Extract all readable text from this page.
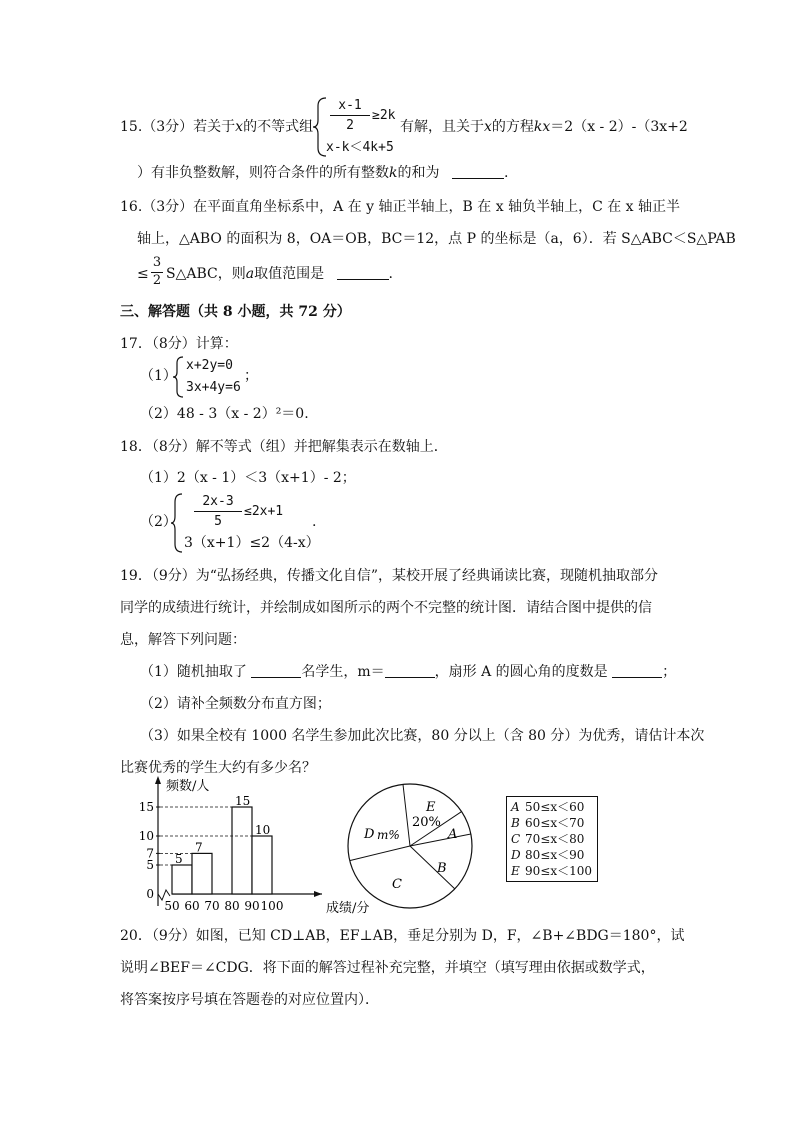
15.（3分）若关于x的不等式组
x-1
2
≥2k
x-k＜4k+5
有解，且关于x的方程kx＝2（x - 2）-（3x+2
）有非负整数解，则符合条件的所有整数k的和为	.
16.（3分）在平面直角坐标系中，A 在 y 轴正半轴上，B 在 x 轴负半轴上，C 在 x 轴正半
轴上，△ABO 的面积为 8，OA＝OB，BC＝12，点 P 的坐标是（a，6）．若 S△ABC＜S△PAB
≤
3
2 S△ABC，则a取值范围是	.
三、解答题（共 8 小题，共 72 分）
17．（8分）计算：
（1）
x+2y=0
3x+4y=6
；
（2）48 - 3（x - 2）²＝0.
18．（8分）解不等式（组）并把解集表示在数轴上．
（1）2（x - 1）＜3（x+1）- 2；
（2）
2x-3
5
≤2x+1
3（x+1）≤2（4-x）
.
19．（9分）为“弘扬经典，传播文化自信”，某校开展了经典诵读比赛，现随机抽取部分
同学的成绩进行统计，并绘制成如图所示的两个不完整的统计图．请结合图中提供的信
息，解答下列问题：
（1）随机抽取了	名学生，m＝	，扇形 A 的圆心角的度数是	；
（2）请补全频数分布直方图；
（3）如果全校有 1000 名学生参加此次比赛，80 分以上（含 80 分）为优秀，请估计本次
比赛优秀的学生大约有多少名？
频数/人
成绩/分
0
5
7
10
15
5
7
15
10
50 60 70 80 90 100
E
20%
A
B
C
D m%
A 50≤x＜60
B 60≤x＜70
C 70≤x＜80
D 80≤x＜90
E 90≤x＜100
20．（9分）如图，已知 CD⊥AB，EF⊥AB，垂足分别为 D，F，∠B+∠BDG＝180°，试
说明∠BEF＝∠CDG．将下面的解答过程补充完整，并填空（填写理由依据或数学式，
将答案按序号填在答题卷的对应位置内）．
